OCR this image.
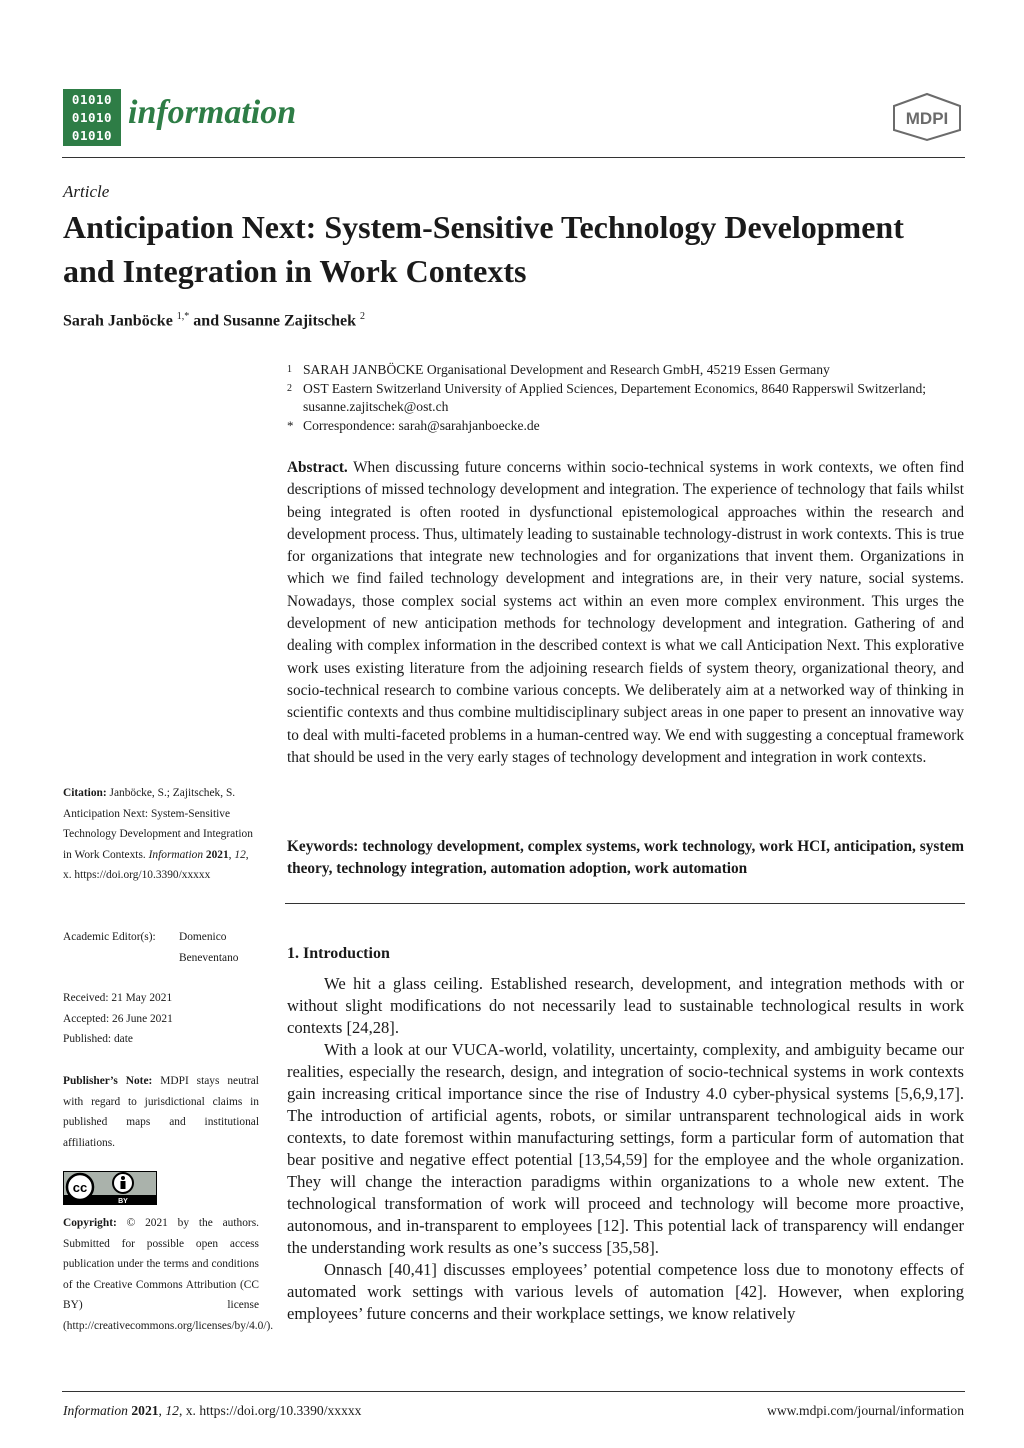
01010
01010
01010
information	MDPI
Article
Anticipation Next: System-Sensitive Technology Development and Integration in Work Contexts
Sarah Janböcke $^{1,*}$ and Susanne Zajitschek $^2$
1 SARAH JANBÖCKE Organisational Development and Research GmbH, 45219 Essen Germany
2 OST Eastern Switzerland University of Applied Sciences, Departement Economics, 8640 Rapperswil Switzerland; susanne.zajitschek@ost.ch
* Correspondence: sarah@sarahjanboecke.de
Abstract. When discussing future concerns within socio-technical systems in work contexts, we often find descriptions of missed technology development and integration. The experience of technology that fails whilst being integrated is often rooted in dysfunctional epistemological approaches within the research and development process. Thus, ultimately leading to sustainable technology-distrust in work contexts. This is true for organizations that integrate new technologies and for organizations that invent them. Organizations in which we find failed technology development and integrations are, in their very nature, social systems. Nowadays, those complex social systems act within an even more complex environment. This urges the development of new anticipation methods for technology development and integration. Gathering of and dealing with complex information in the described context is what we call Anticipation Next. This explorative work uses existing literature from the adjoining research fields of system theory, organizational theory, and socio-technical research to combine various concepts. We deliberately aim at a networked way of thinking in scientific contexts and thus combine multidisciplinary subject areas in one paper to present an innovative way to deal with multi-faceted problems in a human-centred way. We end with suggesting a conceptual framework that should be used in the very early stages of technology development and integration in work contexts.
Keywords: technology development, complex systems, work technology, work HCI, anticipation, system theory, technology integration, automation adoption, work automation
1. Introduction

We hit a glass ceiling. Established research, development, and integration methods with or without slight modifications do not necessarily lead to sustainable technological results in work contexts [24,28].

With a look at our VUCA-world, volatility, uncertainty, complexity, and ambiguity became our realities, especially the research, design, and integration of socio-technical systems in work contexts gain increasing critical importance since the rise of Industry 4.0 cyber-physical systems [5,6,9,17]. The introduction of artificial agents, robots, or similar untransparent technological aids in work contexts, to date foremost within manufacturing settings, form a particular form of automation that bear positive and negative effect potential [13,54,59] for the employee and the whole organization. They will change the interaction paradigms within organizations to a whole new extent. The technological transformation of work will proceed and technology will become more proactive, autonomous, and in-transparent to employees [12]. This potential lack of transparency will endanger the understanding work results as one’s success [35,58].

Onnasch [40,41] discusses employees’ potential competence loss due to monotony effects of automated work settings with various levels of automation [42]. However, when exploring employees’ future concerns and their workplace settings, we know relatively

Citation: Janböcke, S.; Zajitschek, S. Anticipation Next: System-Sensitive Technology Development and Integration in Work Contexts. Information 2021, 12, x. https://doi.org/10.3390/xxxxx
Academic Editor(s):	Domenico Beneventano
Received: 21 May 2021
Accepted: 26 June 2021
Published: date
Publisher’s Note: MDPI stays neutral with regard to jurisdictional claims in published maps and institutional affiliations.
cc
BY
Copyright: © 2021 by the authors. Submitted for possible open access publication under the terms and conditions of the Creative Commons Attribution (CC BY) license (http://creativecommons.org/licenses/by/4.0/).
Information 2021, 12, x. https://doi.org/10.3390/xxxxx	www.mdpi.com/journal/information
